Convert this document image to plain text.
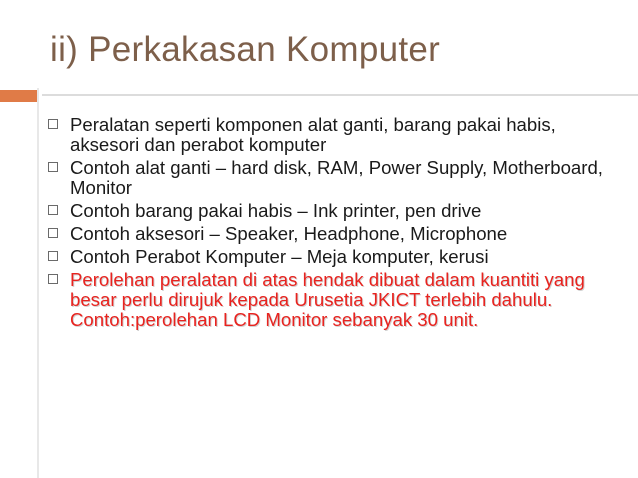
ii) Perkakasan Komputer
Peralatan seperti komponen alat ganti, barang pakai habis, aksesori dan perabot komputer
Contoh alat ganti – hard disk, RAM, Power Supply, Motherboard, Monitor
Contoh barang pakai habis – Ink printer, pen drive
Contoh aksesori – Speaker, Headphone, Microphone
Contoh Perabot Komputer – Meja komputer, kerusi
Perolehan peralatan di atas hendak dibuat dalam kuantiti yang besar perlu dirujuk kepada Urusetia JKICT terlebih dahulu. Contoh:perolehan LCD Monitor sebanyak 30 unit.
